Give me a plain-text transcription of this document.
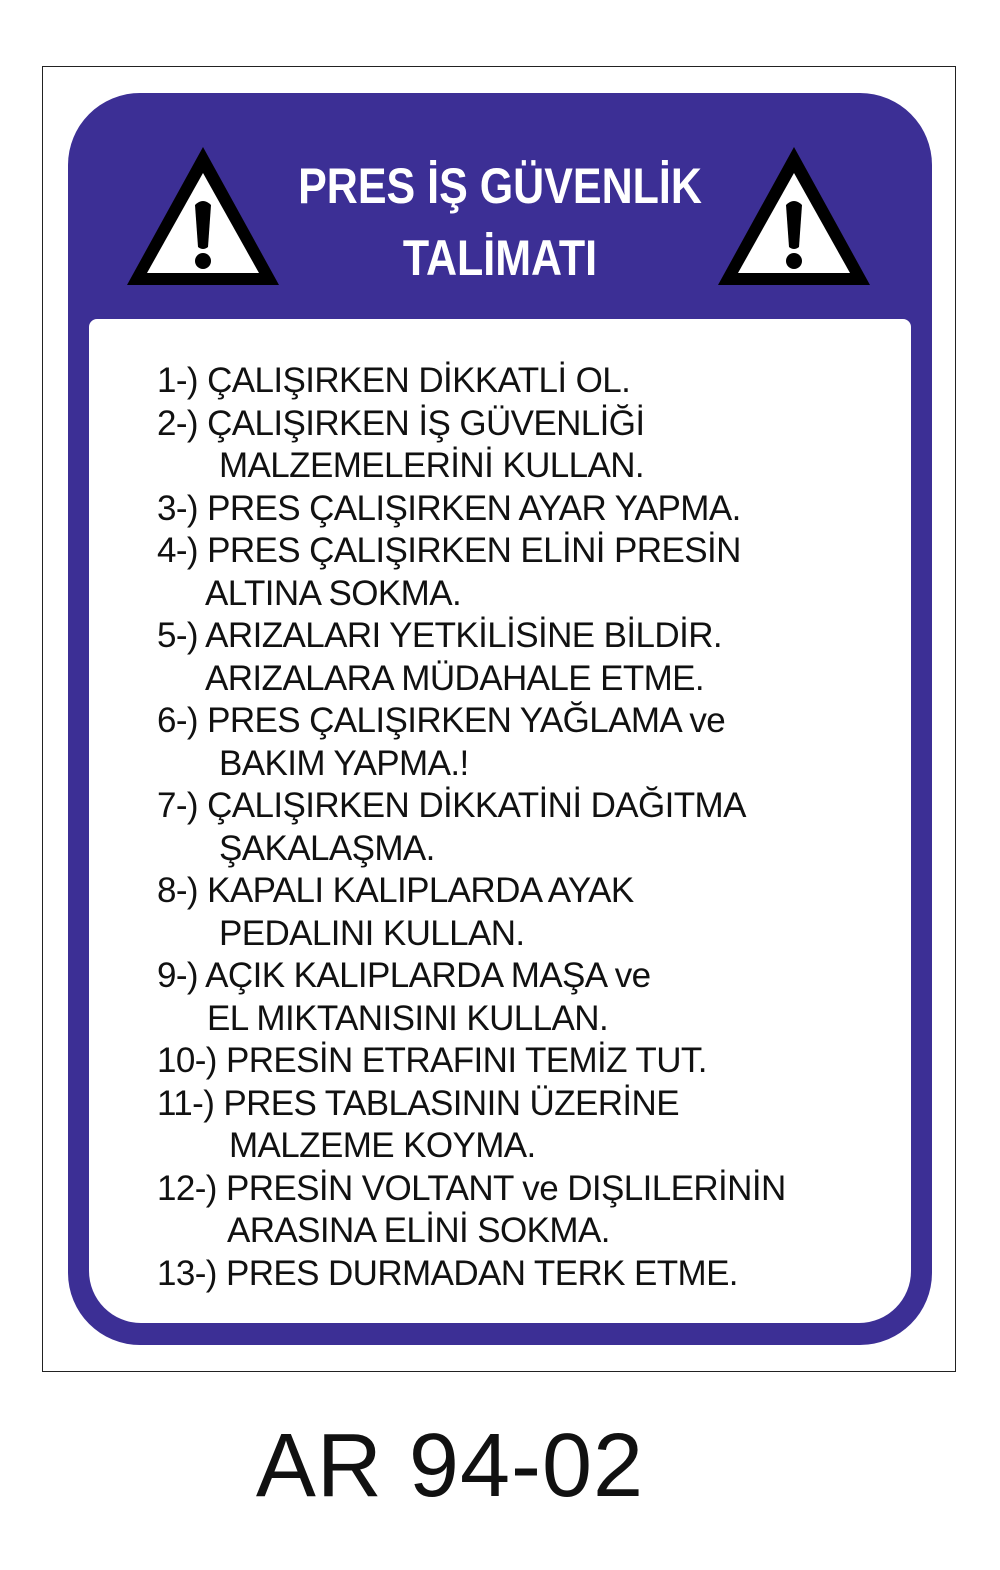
PRES İŞ GÜVENLİK
TALİMATI
1-) ÇALIŞIRKEN DİKKATLİ OL.
2-) ÇALIŞIRKEN İŞ GÜVENLİĞİ
MALZEMELERİNİ KULLAN.
3-) PRES ÇALIŞIRKEN AYAR YAPMA.
4-) PRES ÇALIŞIRKEN ELİNİ PRESİN
ALTINA SOKMA.
5-) ARIZALARI YETKİLİSİNE BİLDİR.
ARIZALARA MÜDAHALE ETME.
6-) PRES ÇALIŞIRKEN YAĞLAMA ve
BAKIM YAPMA.!
7-) ÇALIŞIRKEN DİKKATİNİ DAĞITMA
ŞAKALAŞMA.
8-) KAPALI KALIPLARDA AYAK
PEDALINI KULLAN.
9-) AÇIK KALIPLARDA MAŞA ve
EL MIKTANISINI KULLAN.
10-) PRESİN ETRAFINI TEMİZ TUT.
11-) PRES TABLASININ ÜZERİNE
MALZEME KOYMA.
12-) PRESİN VOLTANT ve DIŞLILERİNİN
ARASINA ELİNİ SOKMA.
13-) PRES DURMADAN TERK ETME.
AR 94-02
